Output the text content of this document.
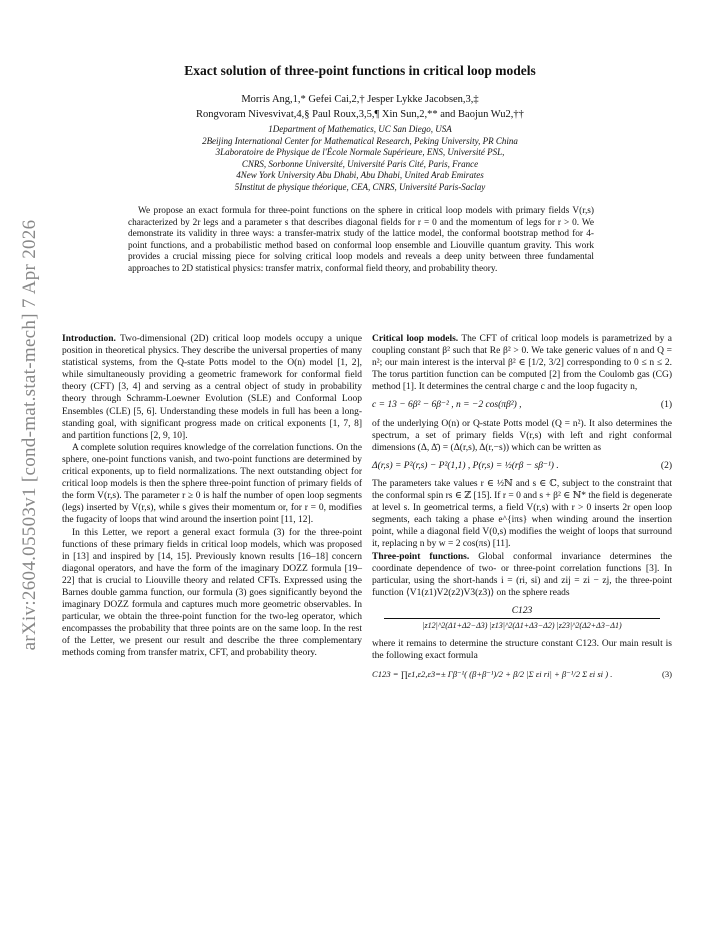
arXiv:2604.05503v1 [cond-mat.stat-mech] 7 Apr 2026
Exact solution of three-point functions in critical loop models
Morris Ang,1,* Gefei Cai,2,† Jesper Lykke Jacobsen,3,‡
Rongvoram Nivesvivat,4,§ Paul Roux,3,5,¶ Xin Sun,2,** and Baojun Wu2,††
1Department of Mathematics, UC San Diego, USA
2Beijing International Center for Mathematical Research, Peking University, PR China
3Laboratoire de Physique de l'École Normale Supérieure, ENS, Université PSL,
CNRS, Sorbonne Université, Université Paris Cité, Paris, France
4New York University Abu Dhabi, Abu Dhabi, United Arab Emirates
5Institut de physique théorique, CEA, CNRS, Université Paris-Saclay
We propose an exact formula for three-point functions on the sphere in critical loop models with primary fields V(r,s) characterized by 2r legs and a parameter s that describes diagonal fields for r = 0 and the momentum of legs for r > 0. We demonstrate its validity in three ways: a transfer-matrix study of the lattice model, the conformal bootstrap method for 4-point functions, and a probabilistic method based on conformal loop ensemble and Liouville quantum gravity. This work provides a crucial missing piece for solving critical loop models and reveals a deep unity between three fundamental approaches to 2D statistical physics: transfer matrix, conformal field theory, and probability theory.

Introduction. Two-dimensional (2D) critical loop models occupy a unique position in theoretical physics. They describe the universal properties of many statistical systems, from the Q-state Potts model to the O(n) model [1, 2], while simultaneously providing a geometric framework for conformal field theory (CFT) [3, 4] and serving as a central object of study in probability theory through Schramm-Loewner Evolution (SLE) and Conformal Loop Ensembles (CLE) [5, 6]. Understanding these models in full has been a long-standing goal, with significant progress made on critical exponents [1, 7, 8] and partition functions [2, 9, 10].

A complete solution requires knowledge of the correlation functions. On the sphere, one-point functions vanish, and two-point functions are determined by critical exponents, up to field normalizations. The next outstanding object for critical loop models is then the sphere three-point function of primary fields of the form V(r,s). The parameter r ≥ 0 is half the number of open loop segments (legs) inserted by V(r,s), while s gives their momentum or, for r = 0, modifies the fugacity of loops that wind around the insertion point [11, 12].

In this Letter, we report a general exact formula (3) for the three-point functions of these primary fields in critical loop models, which was proposed in [13] and inspired by [14, 15]. Previously known results [16–18] concern diagonal operators, and have the form of the imaginary DOZZ formula [19–22] that is crucial to Liouville theory and related CFTs. Expressed using the Barnes double gamma function, our formula (3) goes significantly beyond the imaginary DOZZ formula and captures much more geometric observables. In particular, we obtain the three-point function for the two-leg operator, which encompasses the probability that three points are on the same loop. In the rest of the Letter, we present our result and describe the three complementary methods coming from transfer matrix, CFT, and probability theory.

Critical loop models. The CFT of critical loop models is parametrized by a coupling constant β² such that Re β² > 0. We take generic values of n and Q = n²; our main interest is the interval β² ∈ [1/2, 3/2] corresponding to 0 ≤ n ≤ 2. The torus partition function can be computed [2] from the Coulomb gas (CG) method [1]. It determines the central charge c and the loop fugacity n,

c = 13 − 6β² − 6β⁻² , n = −2 cos(πβ²) ,	(1)

of the underlying O(n) or Q-state Potts model (Q = n²). It also determines the spectrum, a set of primary fields V(r,s) with left and right conformal dimensions (Δ, Δ̄) = (Δ(r,s), Δ(r,−s)) which can be written as

Δ(r,s) = P²(r,s) − P²(1,1) , P(r,s) = ½(rβ − sβ⁻¹) .	(2)

The parameters take values r ∈ ½ℕ and s ∈ ℂ, subject to the constraint that the conformal spin rs ∈ ℤ [15]. If r = 0 and s + β² ∈ ℕ* the field is degenerate at level s. In geometrical terms, a field V(r,s) with r > 0 inserts 2r open loop segments, each taking a phase e^{iπs} when winding around the insertion point, while a diagonal field V(0,s) modifies the weight of loops that surround it, replacing n by w = 2 cos(πs) [11].

Three-point functions. Global conformal invariance determines the coordinate dependence of two- or three-point correlation functions [3]. In particular, using the short-hands i = (ri, si) and zij = zi − zj, the three-point function ⟨V1(z1)V2(z2)V3(z3)⟩ on the sphere reads

C123
|z12|^2(Δ1+Δ2−Δ3) |z13|^2(Δ1+Δ3−Δ2) |z23|^2(Δ2+Δ3−Δ1)

where it remains to determine the structure constant C123. Our main result is the following exact formula

C123 = ∏ε1,ε2,ε3=± Γβ⁻¹( (β+β⁻¹)/2 + β/2 |Σ εi ri| + β⁻¹/2 Σ εi si ) .	(3)
